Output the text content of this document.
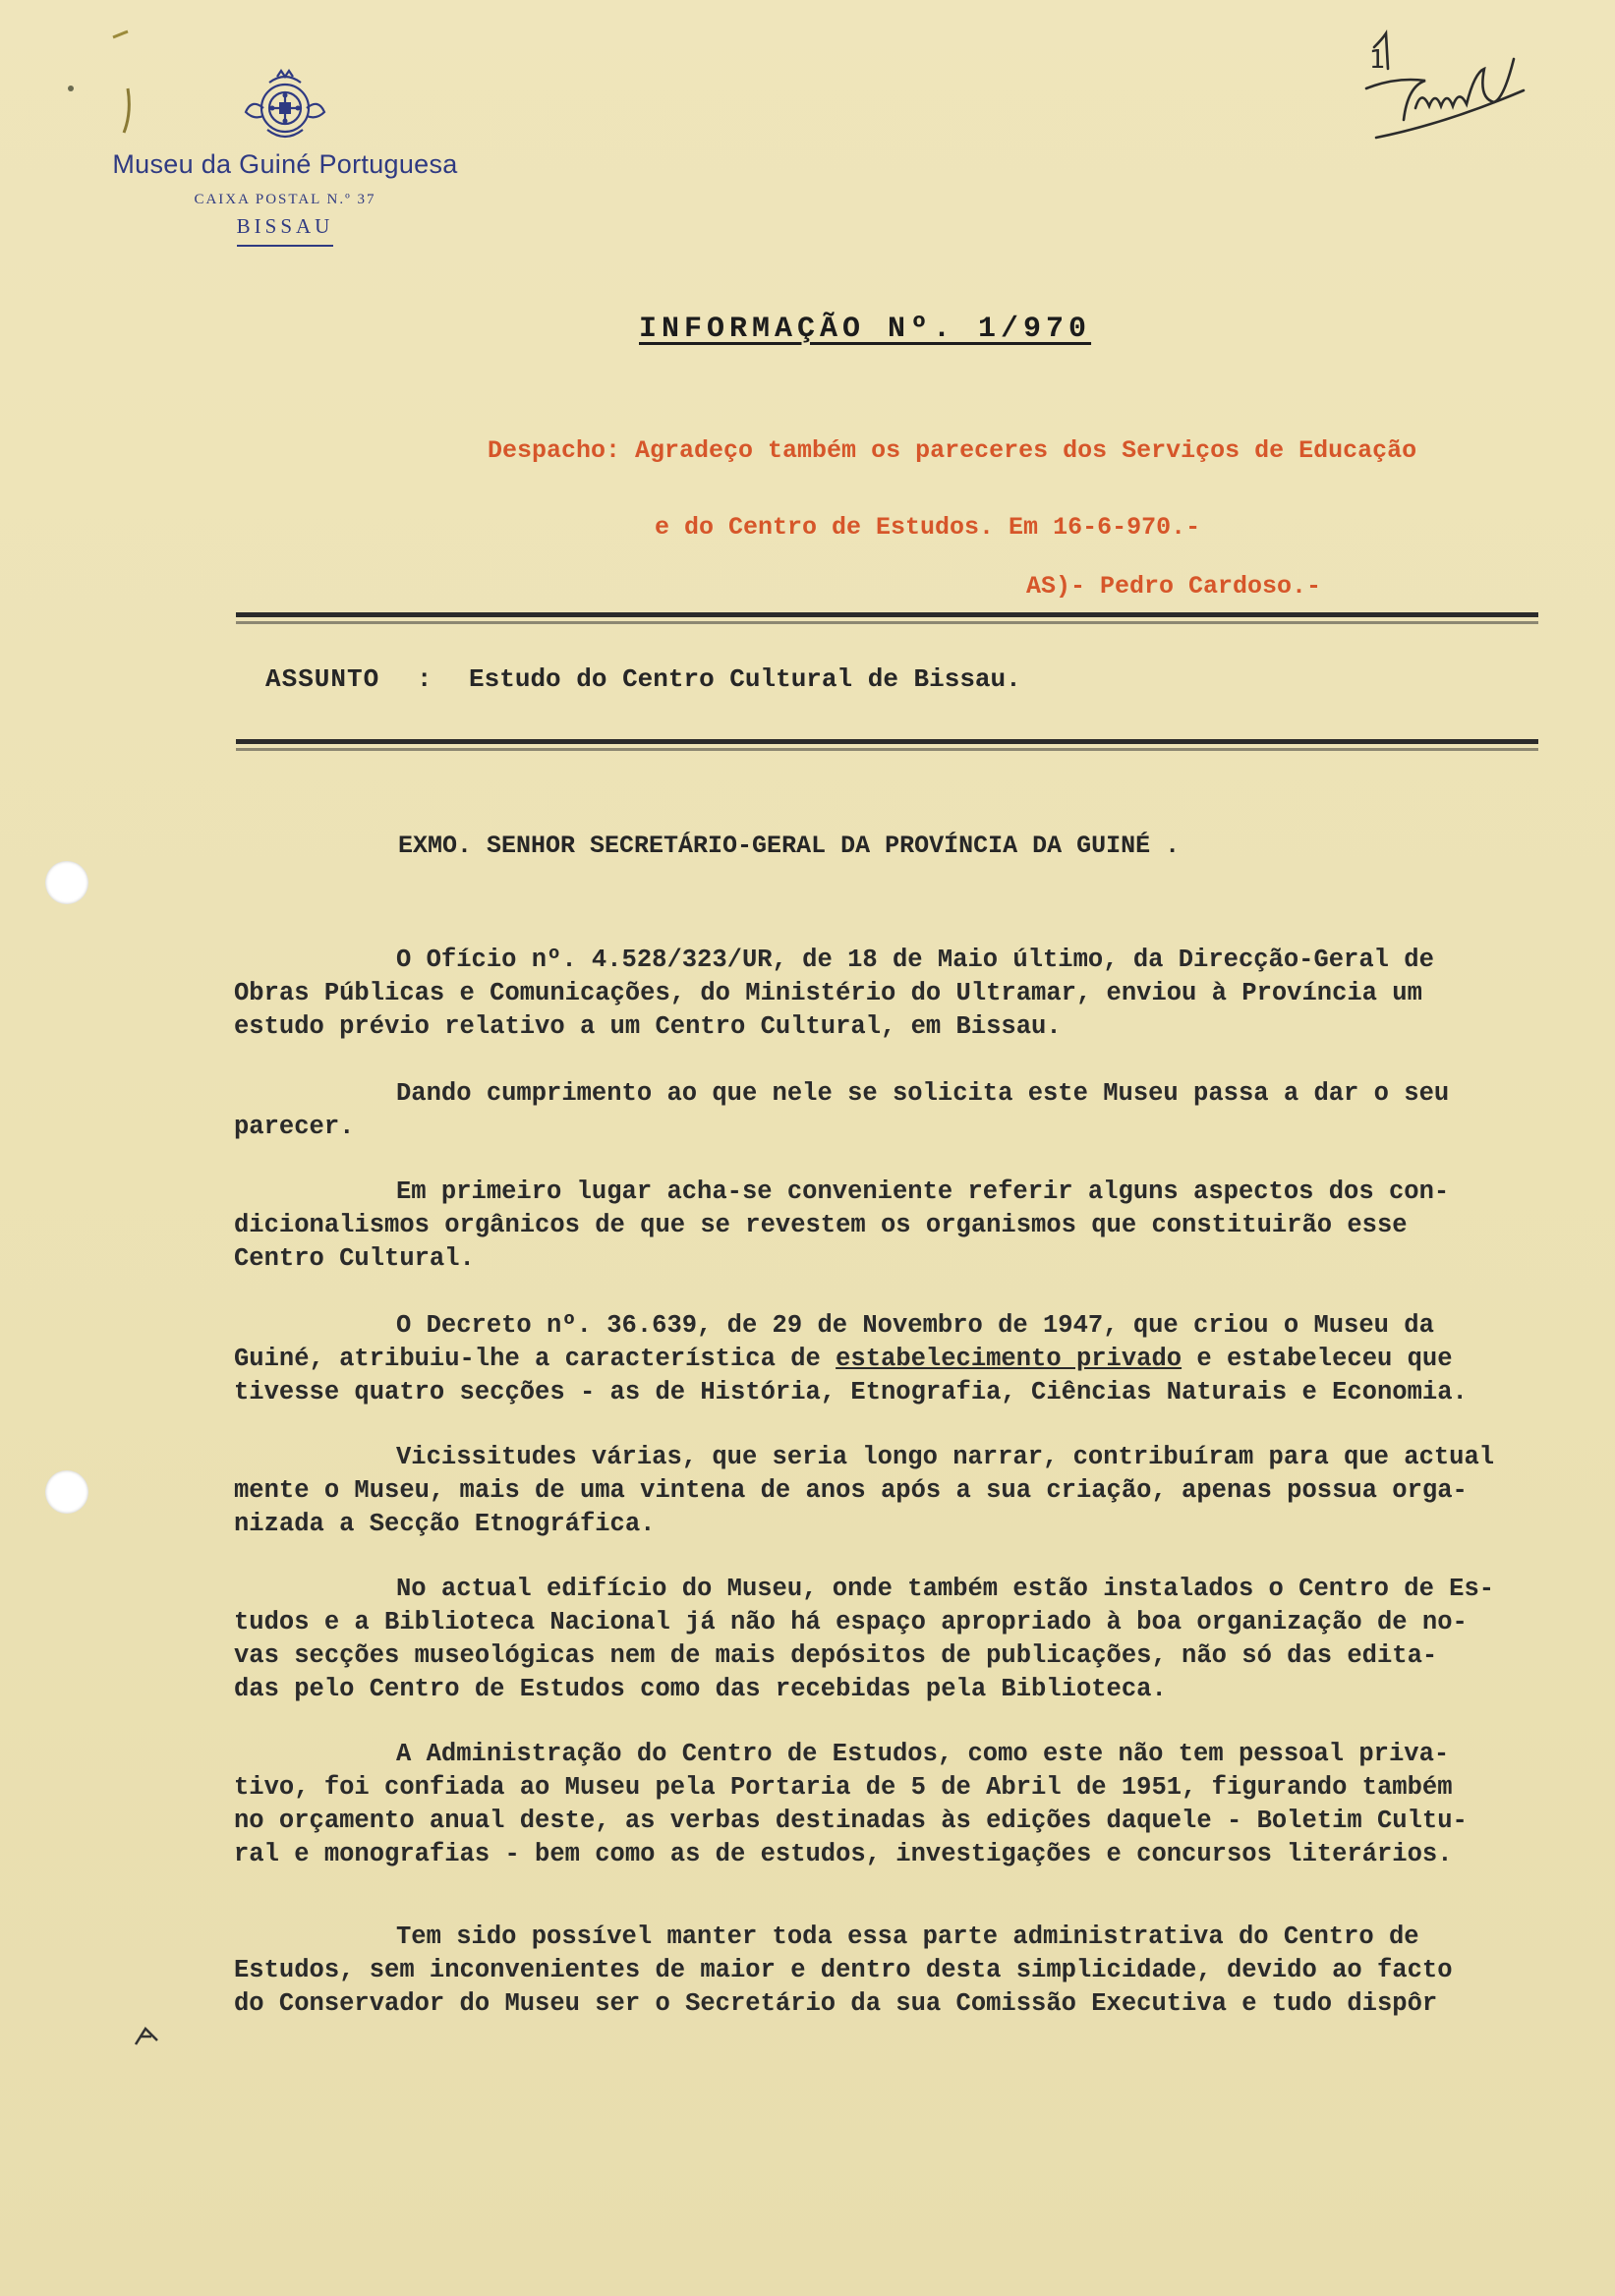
Museu da Guiné Portuguesa
CAIXA POSTAL N.º 37
BISSAU
1
INFORMAÇÃO Nº. 1/970
Despacho: Agradeço também os pareceres dos Serviços de Educação
e do Centro de Estudos. Em 16-6-970.-
AS)- Pedro Cardoso.-
ASSUNTO : Estudo do Centro Cultural de Bissau.
EXMO. SENHOR SECRETÁRIO-GERAL DA PROVÍNCIA DA GUINÉ .
O Ofício nº. 4.528/323/UR, de 18 de Maio último, da Direcção-Geral de
Obras Públicas e Comunicações, do Ministério do Ultramar, enviou à Província um
estudo prévio relativo a um Centro Cultural, em Bissau.
Dando cumprimento ao que nele se solicita este Museu passa a dar o seu
parecer.
Em primeiro lugar acha-se conveniente referir alguns aspectos dos con-
dicionalismos orgânicos de que se revestem os organismos que constituirão esse
Centro Cultural.
O Decreto nº. 36.639, de 29 de Novembro de 1947, que criou o Museu da
Guiné, atribuiu-lhe a característica de estabelecimento privado e estabeleceu que
tivesse quatro secções - as de História, Etnografia, Ciências Naturais e Economia.
Vicissitudes várias, que seria longo narrar, contribuíram para que actual
mente o Museu, mais de uma vintena de anos após a sua criação, apenas possua orga-
nizada a Secção Etnográfica.
No actual edifício do Museu, onde também estão instalados o Centro de Es-
tudos e a Biblioteca Nacional já não há espaço apropriado à boa organização de no-
vas secções museológicas nem de mais depósitos de publicações, não só das edita-
das pelo Centro de Estudos como das recebidas pela Biblioteca.
A Administração do Centro de Estudos, como este não tem pessoal priva-
tivo, foi confiada ao Museu pela Portaria de 5 de Abril de 1951, figurando também
no orçamento anual deste, as verbas destinadas às edições daquele - Boletim Cultu-
ral e monografias - bem como as de estudos, investigações e concursos literários.
Tem sido possível manter toda essa parte administrativa do Centro de
Estudos, sem inconvenientes de maior e dentro desta simplicidade, devido ao facto
do Conservador do Museu ser o Secretário da sua Comissão Executiva e tudo dispôr
